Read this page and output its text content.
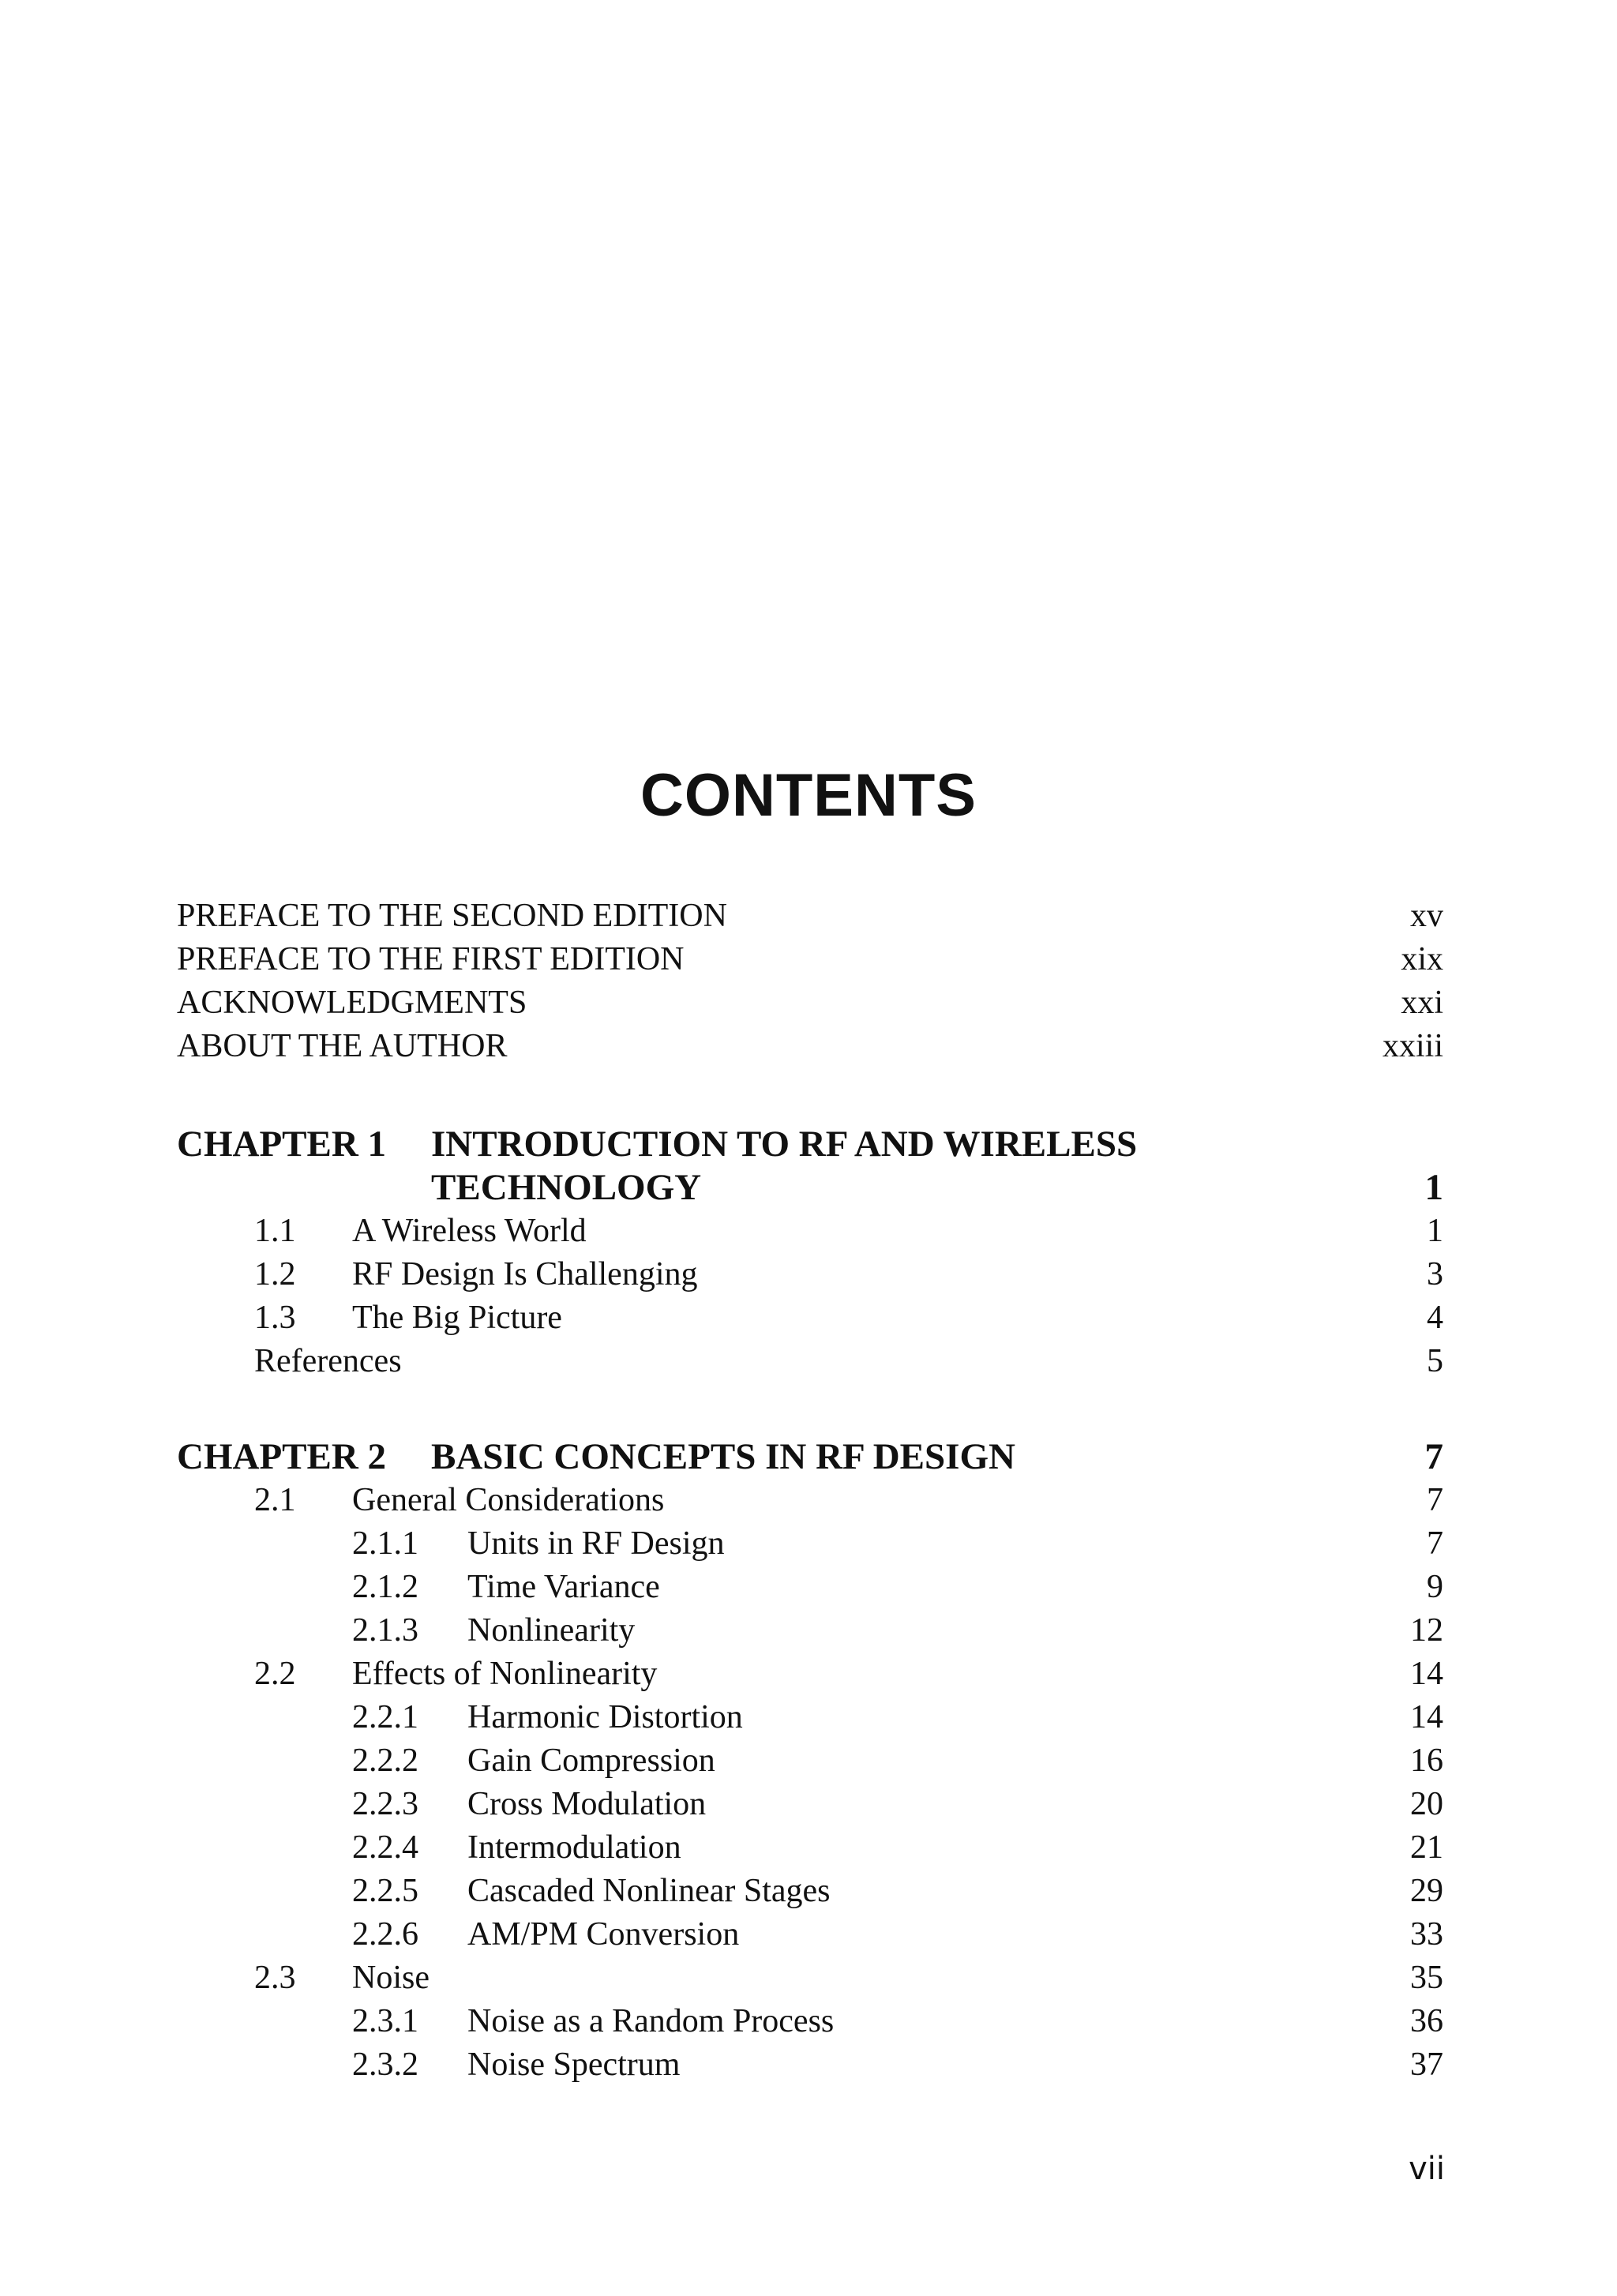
CONTENTS
PREFACE TO THE SECOND EDITION	xv
PREFACE TO THE FIRST EDITION	xix
ACKNOWLEDGMENTS	xxi
ABOUT THE AUTHOR	xxiii
CHAPTER 1	INTRODUCTION TO RF AND WIRELESS
TECHNOLOGY	1
1.1	A Wireless World	1
1.2	RF Design Is Challenging	3
1.3	The Big Picture	4
References	5
CHAPTER 2	BASIC CONCEPTS IN RF DESIGN	7
2.1	General Considerations	7
2.1.1	Units in RF Design	7
2.1.2	Time Variance	9
2.1.3	Nonlinearity	12
2.2	Effects of Nonlinearity	14
2.2.1	Harmonic Distortion	14
2.2.2	Gain Compression	16
2.2.3	Cross Modulation	20
2.2.4	Intermodulation	21
2.2.5	Cascaded Nonlinear Stages	29
2.2.6	AM/PM Conversion	33
2.3	Noise	35
2.3.1	Noise as a Random Process	36
2.3.2	Noise Spectrum	37
vii
